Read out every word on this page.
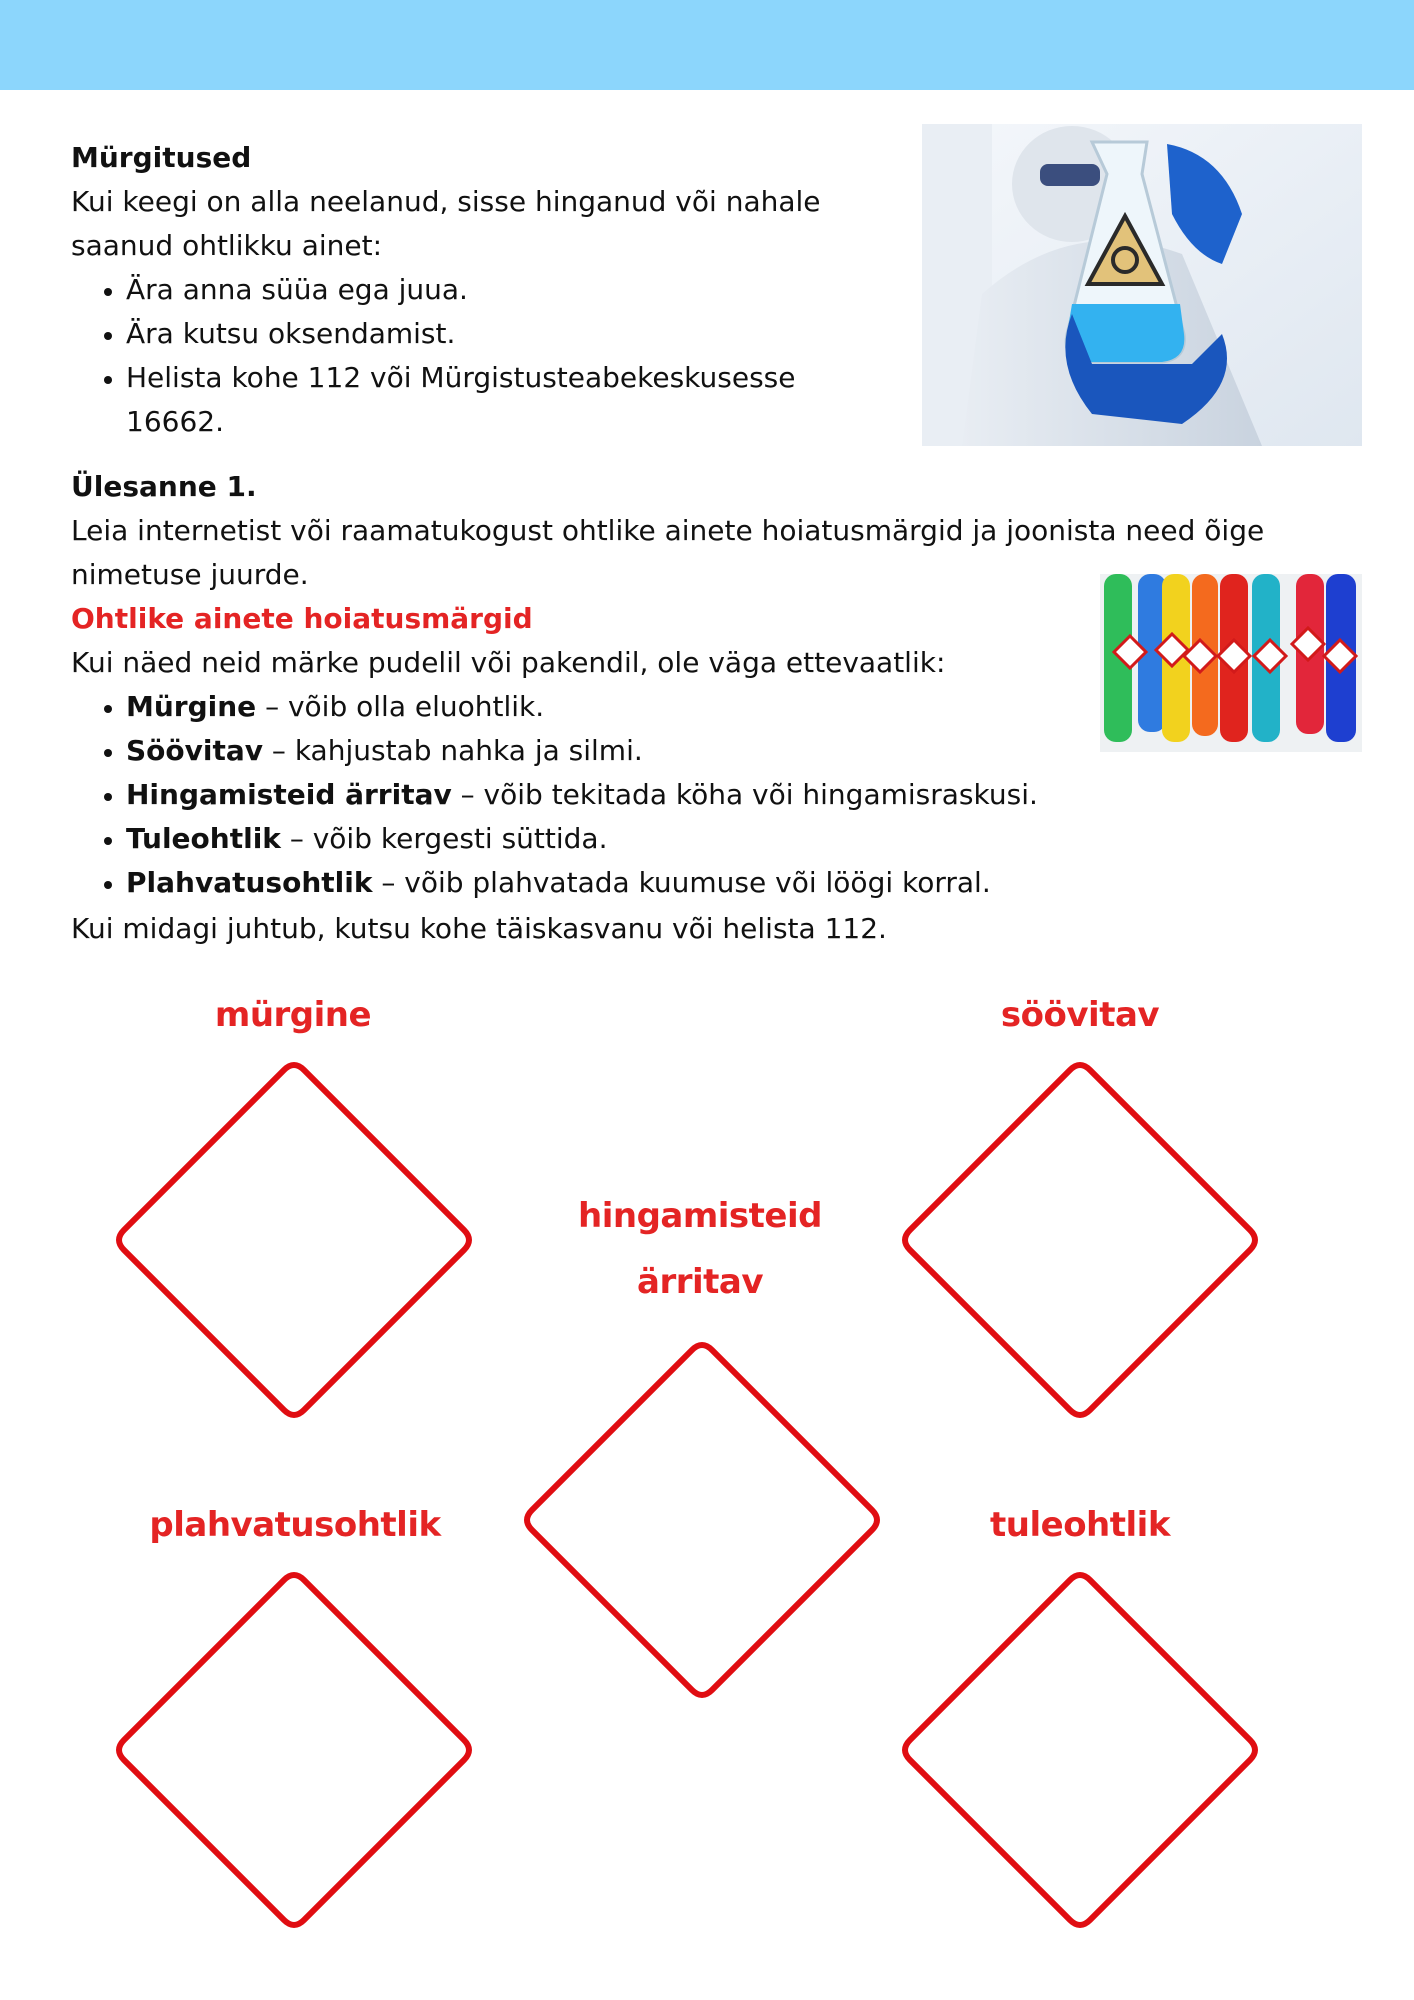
Mürgitused
Kui keegi on alla neelanud, sisse hinganud või nahale
saanud ohtlikku ainet:
• Ära anna süüa ega juua.
• Ära kutsu oksendamist.
• Helista kohe 112 või Mürgistusteabekeskusesse
16662.
Ülesanne 1.
Leia internetist või raamatukogust ohtlike ainete hoiatusmärgid ja joonista need õige
nimetuse juurde.
Ohtlike ainete hoiatusmärgid
Kui näed neid märke pudelil või pakendil, ole väga ettevaatlik:
• Mürgine – võib olla eluohtlik.
• Söövitav – kahjustab nahka ja silmi.
• Hingamisteid ärritav – võib tekitada köha või hingamisraskusi.
• Tuleohtlik – võib kergesti süttida.
• Plahvatusohtlik – võib plahvatada kuumuse või löögi korral.
Kui midagi juhtub, kutsu kohe täiskasvanu või helista 112.
mürgine	söövitav
hingamisteid
ärritav
plahvatusohtlik	tuleohtlik
